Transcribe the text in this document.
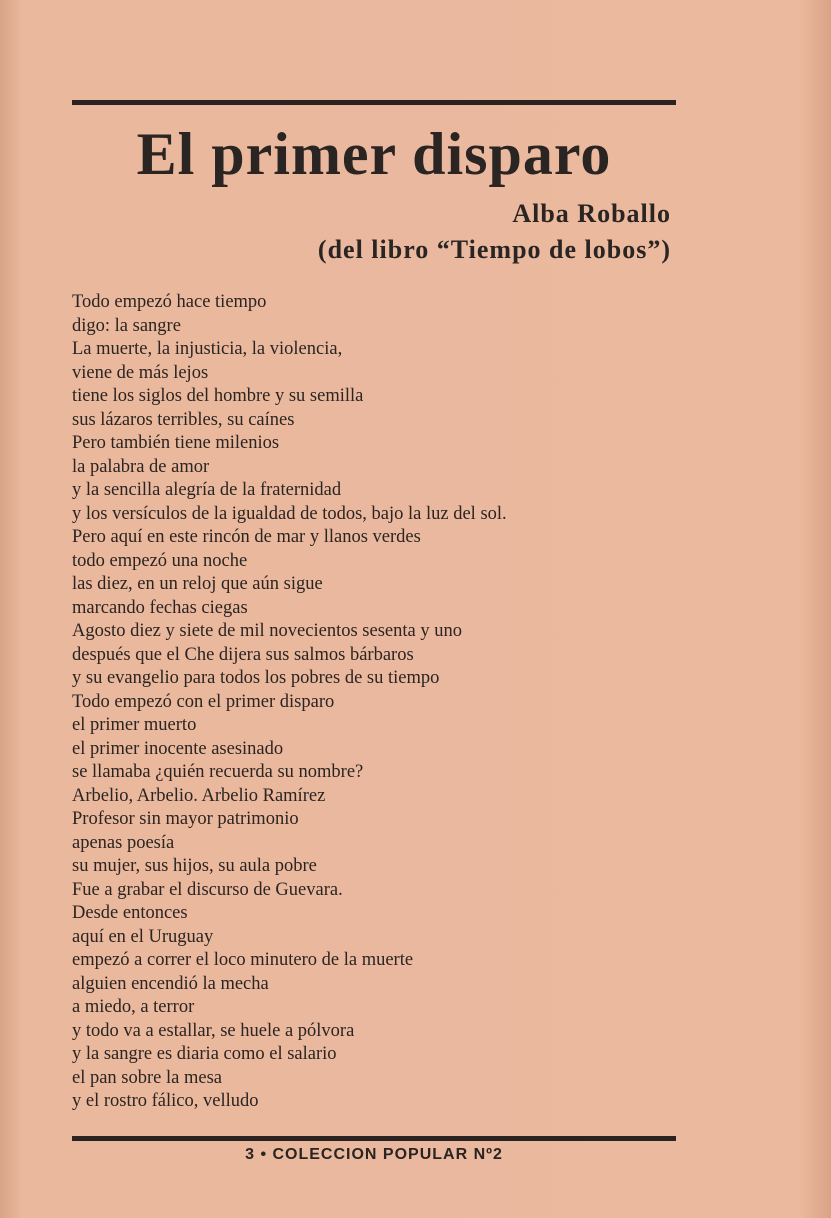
El primer disparo
Alba Roballo
(del libro “Tiempo de lobos”)
Todo empezó hace tiempo
digo: la sangre
La muerte, la injusticia, la violencia,
viene de más lejos
tiene los siglos del hombre y su semilla
sus lázaros terribles, su caínes
Pero también tiene milenios
la palabra de amor
y la sencilla alegría de la fraternidad
y los versículos de la igualdad de todos, bajo la luz del sol.
Pero aquí en este rincón de mar y llanos verdes
todo empezó una noche
las diez, en un reloj que aún sigue
marcando fechas ciegas
Agosto diez y siete de mil novecientos sesenta y uno
después que el Che dijera sus salmos bárbaros
y su evangelio para todos los pobres de su tiempo
Todo empezó con el primer disparo
el primer muerto
el primer inocente asesinado
se llamaba ¿quién recuerda su nombre?
Arbelio, Arbelio. Arbelio Ramírez
Profesor sin mayor patrimonio
apenas poesía
su mujer, sus hijos, su aula pobre
Fue a grabar el discurso de Guevara.
Desde entonces
aquí en el Uruguay
empezó a correr el loco minutero de la muerte
alguien encendió la mecha
a miedo, a terror
y todo va a estallar, se huele a pólvora
y la sangre es diaria como el salario
el pan sobre la mesa
y el rostro fálico, velludo
3 • COLECCION POPULAR Nº2
